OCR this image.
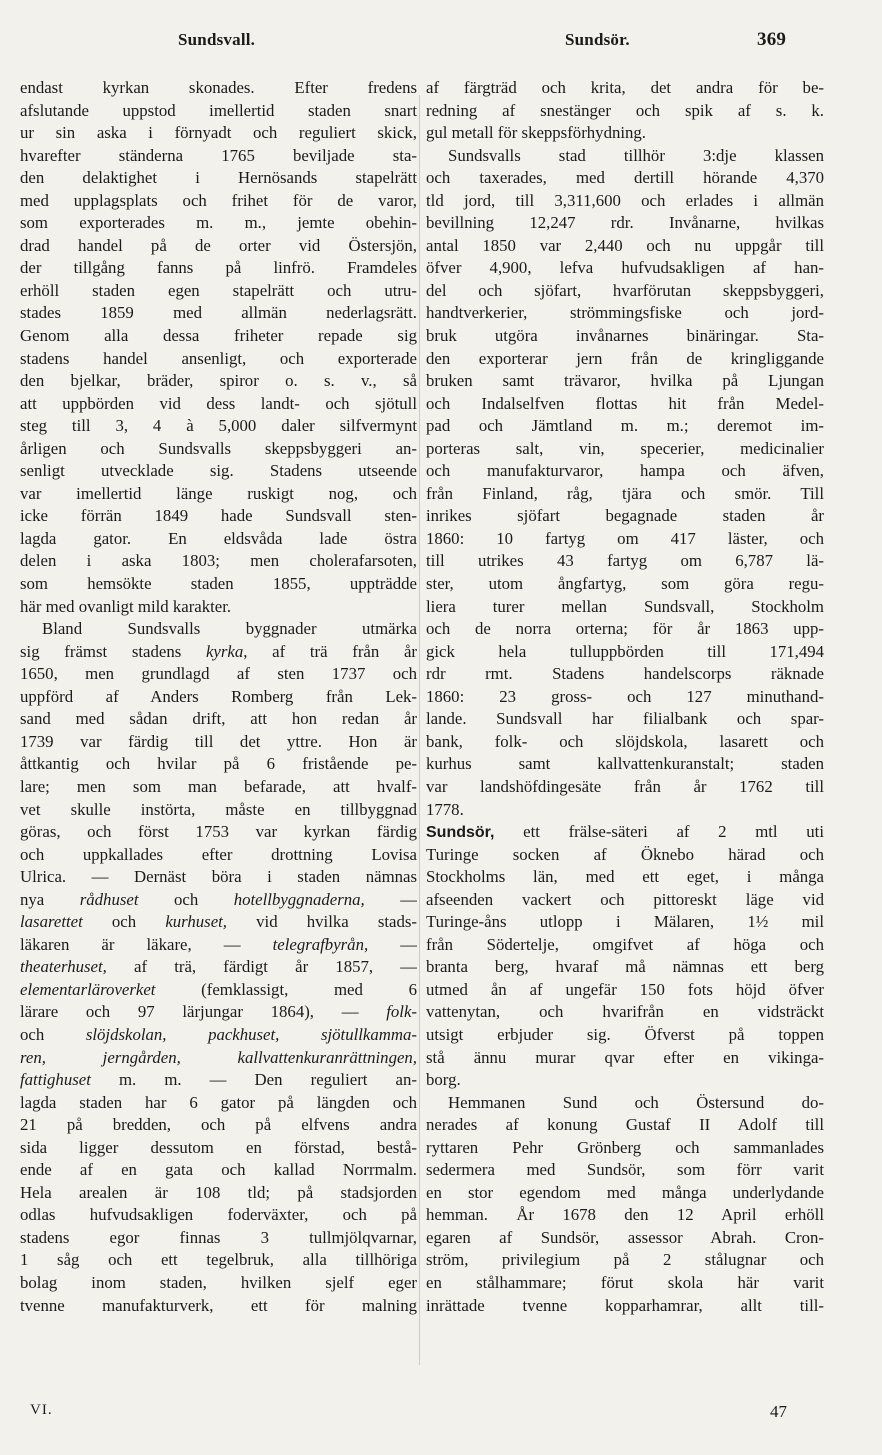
Sundsvall.	Sundsör.	369
endast kyrkan skonades. Efter fredens
afslutande uppstod imellertid staden snart
ur sin aska i förnyadt och reguliert skick,
hvarefter ständerna 1765 beviljade sta-
den delaktighet i Hernösands stapelrätt
med upplagsplats och frihet för de varor,
som exporterades m. m., jemte obehin-
drad handel på de orter vid Östersjön,
der tillgång fanns på linfrö. Framdeles
erhöll staden egen stapelrätt och utru-
stades 1859 med allmän nederlagsrätt.
Genom alla dessa friheter repade sig
stadens handel ansenligt, och exporterade
den bjelkar, bräder, spiror o. s. v., så
att uppbörden vid dess landt- och sjötull
steg till 3, 4 à 5,000 daler silfvermynt
årligen och Sundsvalls skeppsbyggeri an-
senligt utvecklade sig. Stadens utseende
var imellertid länge ruskigt nog, och
icke förrän 1849 hade Sundsvall sten-
lagda gator. En eldsvåda lade östra
delen i aska 1803; men cholerafarsoten,
som hemsökte staden 1855, uppträdde
här med ovanligt mild karakter.
Bland Sundsvalls byggnader utmärka
sig främst stadens kyrka, af trä från år
1650, men grundlagd af sten 1737 och
uppförd af Anders Romberg från Lek-
sand med sådan drift, att hon redan år
1739 var färdig till det yttre. Hon är
åttkantig och hvilar på 6 fristående pe-
lare; men som man befarade, att hvalf-
vet skulle instörta, måste en tillbyggnad
göras, och först 1753 var kyrkan färdig
och uppkallades efter drottning Lovisa
Ulrica. — Dernäst böra i staden nämnas
nya rådhuset och hotellbyggnaderna, —
lasarettet och kurhuset, vid hvilka stads-
läkaren är läkare, — telegrafbyrån, —
theaterhuset, af trä, färdigt år 1857, —
elementarläroverket (femklassigt, med 6
lärare och 97 lärjungar 1864), — folk-
och slöjdskolan, packhuset, sjötullkamma-
ren, jerngården, kallvattenkuranrättningen,
fattighuset m. m. — Den reguliert an-
lagda staden har 6 gator på längden och
21 på bredden, och på elfvens andra
sida ligger dessutom en förstad, bestå-
ende af en gata och kallad Norrmalm.
Hela arealen är 108 tld; på stadsjorden
odlas hufvudsakligen foderväxter, och på
stadens egor finnas 3 tullmjölqvarnar,
1 såg och ett tegelbruk, alla tillhöriga
bolag inom staden, hvilken sjelf eger
tvenne manufakturverk, ett för malning
af färgträd och krita, det andra för be-
redning af snestänger och spik af s. k.
gul metall för skeppsförhydning.
Sundsvalls stad tillhör 3:dje klassen
och taxerades, med dertill hörande 4,370
tld jord, till 3,311,600 och erlades i allmän
bevillning 12,247 rdr. Invånarne, hvilkas
antal 1850 var 2,440 och nu uppgår till
öfver 4,900, lefva hufvudsakligen af han-
del och sjöfart, hvarförutan skeppsbyggeri,
handtverkerier, strömmingsfiske och jord-
bruk utgöra invånarnes binäringar. Sta-
den exporterar jern från de kringliggande
bruken samt trävaror, hvilka på Ljungan
och Indalselfven flottas hit från Medel-
pad och Jämtland m. m.; deremot im-
porteras salt, vin, specerier, medicinalier
och manufakturvaror, hampa och äfven,
från Finland, råg, tjära och smör. Till
inrikes sjöfart begagnade staden år
1860: 10 fartyg om 417 läster, och
till utrikes 43 fartyg om 6,787 lä-
ster, utom ångfartyg, som göra regu-
liera turer mellan Sundsvall, Stockholm
och de norra orterna; för år 1863 upp-
gick hela tulluppbörden till 171,494
rdr rmt. Stadens handelscorps räknade
1860: 23 gross- och 127 minuthand-
lande. Sundsvall har filialbank och spar-
bank, folk- och slöjdskola, lasarett och
kurhus samt kallvattenkuranstalt; staden
var landshöfdingesäte från år 1762 till
1778.
Sundsör, ett frälse-säteri af 2 mtl uti
Turinge socken af Öknebo härad och
Stockholms län, med ett eget, i många
afseenden vackert och pittoreskt läge vid
Turinge-åns utlopp i Mälaren, 1½ mil
från Södertelje, omgifvet af höga och
branta berg, hvaraf må nämnas ett berg
utmed ån af ungefär 150 fots höjd öfver
vattenytan, och hvarifrån en vidsträckt
utsigt erbjuder sig. Öfverst på toppen
stå ännu murar qvar efter en vikinga-
borg.
Hemmanen Sund och Östersund do-
nerades af konung Gustaf II Adolf till
ryttaren Pehr Grönberg och sammanlades
sedermera med Sundsör, som förr varit
en stor egendom med många underlydande
hemman. År 1678 den 12 April erhöll
egaren af Sundsör, assessor Abrah. Cron-
ström, privilegium på 2 stålugnar och
en stålhammare; förut skola här varit
inrättade tvenne kopparhamrar, allt till-
VI.	47
